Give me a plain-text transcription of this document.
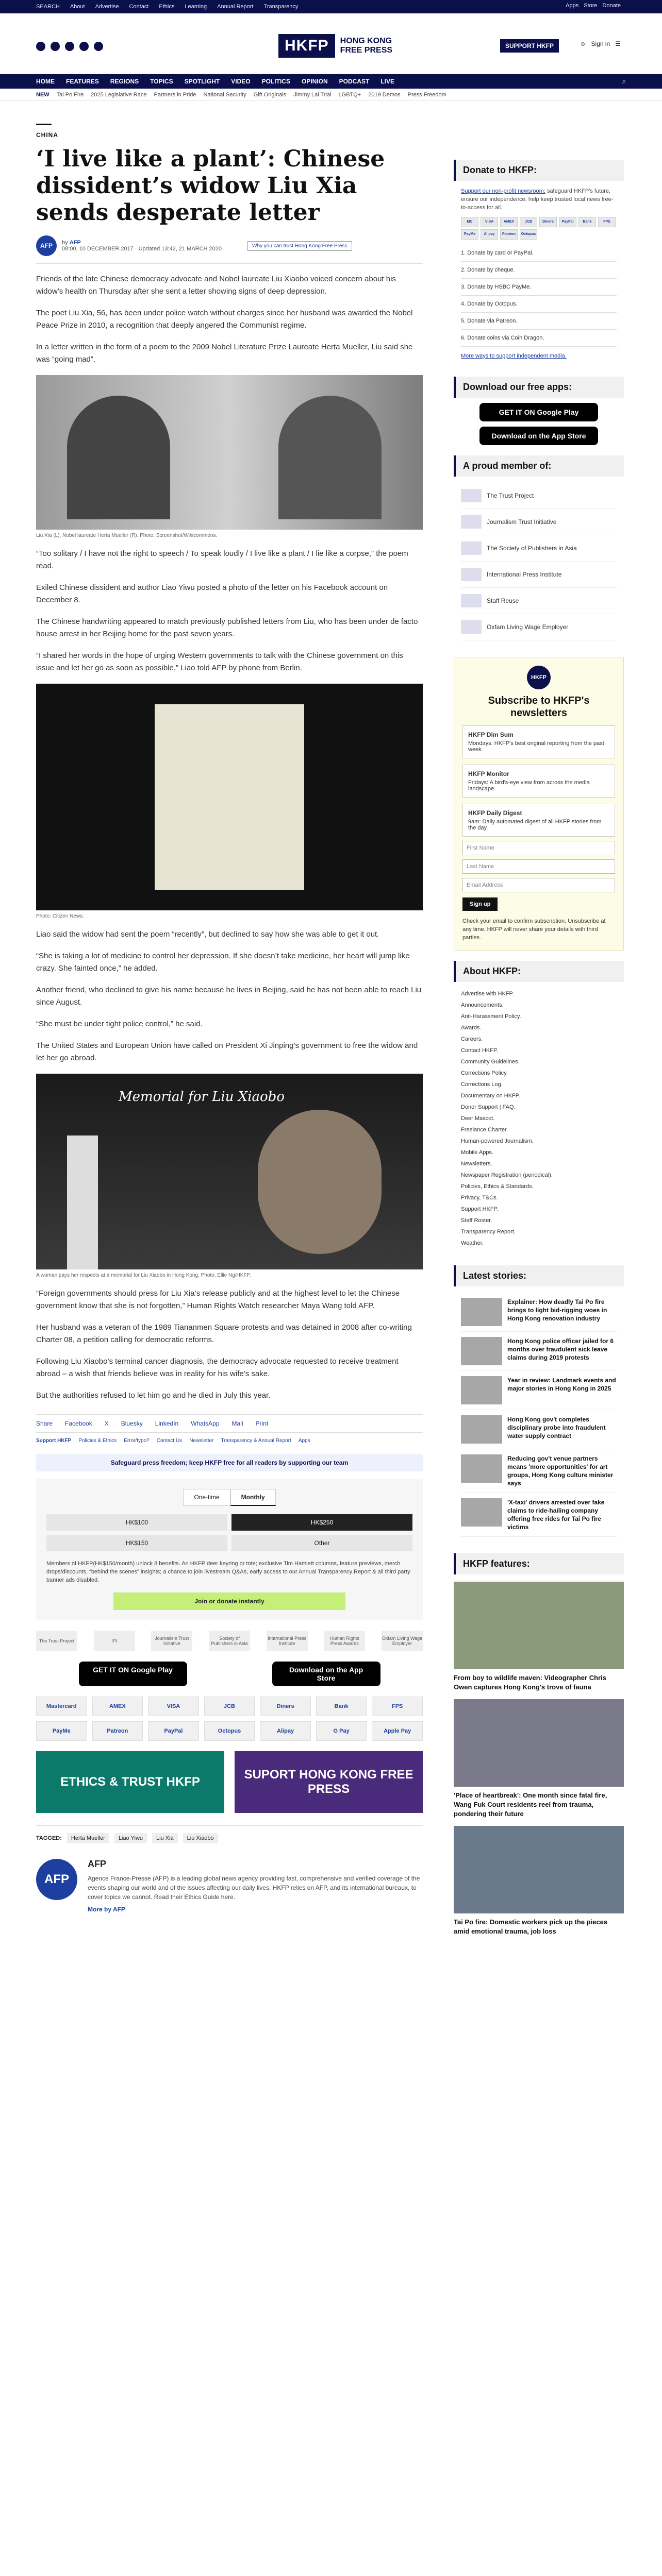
SEARCH About Advertise Contact Ethics Learning Annual Report Transparency	Apps Store Donate
HKFP	HONG KONG
FREE PRESS	SUPPORT HKFP	☺ Sign in ☰
HOME FEATURES REGIONS TOPICS SPOTLIGHT VIDEO POLITICS OPINION PODCAST LIVE	⌕
NEW Tai Po Fire 2025 Legislative Race Partners in Pride National Security Gift Originals Jimmy Lai Trial LGBTQ+ 2019 Demos Press Freedom
CHINA
‘I live like a plant’: Chinese dissident’s widow Liu Xia sends desperate letter
AFP	by AFP
08:00, 10 DECEMBER 2017 · Updated 13:42, 21 MARCH 2020	Why you can trust Hong Kong Free Press

Friends of the late Chinese democracy advocate and Nobel laureate Liu Xiaobo voiced concern about his widow’s health on Thursday after she sent a letter showing signs of deep depression.

The poet Liu Xia, 56, has been under police watch without charges since her husband was awarded the Nobel Peace Prize in 2010, a recognition that deeply angered the Communist regime.

In a letter written in the form of a poem to the 2009 Nobel Literature Prize Laureate Herta Mueller, Liu said she was “going mad”.

Liu Xia (L), Nobel laureate Herta Mueller (R). Photo: Screenshot/Wikicommons.

“Too solitary / I have not the right to speech / To speak loudly / I live like a plant / I lie like a corpse,” the poem read.

Exiled Chinese dissident and author Liao Yiwu posted a photo of the letter on his Facebook account on December 8.

The Chinese handwriting appeared to match previously published letters from Liu, who has been under de facto house arrest in her Beijing home for the past seven years.

“I shared her words in the hope of urging Western governments to talk with the Chinese government on this issue and let her go as soon as possible,” Liao told AFP by phone from Berlin.

Photo: Citizen News.

Liao said the widow had sent the poem “recently”, but declined to say how she was able to get it out.

“She is taking a lot of medicine to control her depression. If she doesn’t take medicine, her heart will jump like crazy. She fainted once,” he added.

Another friend, who declined to give his name because he lives in Beijing, said he has not been able to reach Liu since August.

“She must be under tight police control,” he said.

The United States and European Union have called on President Xi Jinping’s government to free the widow and let her go abroad.

Memorial for Liu Xiaobo
A woman pays her respects at a memorial for Liu Xiaobo in Hong Kong. Photo: Ellie Ng/HKFP.

“Foreign governments should press for Liu Xia’s release publicly and at the highest level to let the Chinese government know that she is not forgotten,” Human Rights Watch researcher Maya Wang told AFP.

Her husband was a veteran of the 1989 Tiananmen Square protests and was detained in 2008 after co-writing Charter 08, a petition calling for democratic reforms.

Following Liu Xiaobo’s terminal cancer diagnosis, the democracy advocate requested to receive treatment abroad – a wish that friends believe was in reality for his wife’s sake.

But the authorities refused to let him go and he died in July this year.

Share Facebook X Bluesky LinkedIn WhatsApp Mail Print
Support HKFP Policies & Ethics Error/typo? Contact Us Newsletter Transparency & Annual Report Apps
Safeguard press freedom; keep HKFP free for all readers by supporting our team
One-time	Monthly
HK$100	HK$250
HK$150	Other
Members of HKFP(HK$150/month) unlock 8 benefits. An HKFP deer keyring or tote; exclusive Tim Hamlett columns, feature previews, merch drops/discounts, “behind the scenes” insights; a chance to join livestream Q&As, early access to our Annual Transparency Report & all third party banner ads disabled.
Join or donate instantly
The Trust Project	IPI	Journalism Trust Initiative
Society of Publishers in Asia
International Press Institute
Human Rights Press Awards
Oxfam Living Wage Employer
GET IT ON Google Play	Download on the App Store
Mastercard	AMEX	VISA	JCB	Diners	Bank	FPS
PayMe	Patreon	PayPal	Octopus	Alipay	G Pay	Apple Pay
ETHICS & TRUST HKFP
SUPORT HONG KONG FREE PRESS
TAGGED:	Herta Mueller	Liao Yiwu	Liu Xia	Liu Xiaobo
AFP
AFP
Agence France-Presse (AFP) is a leading global news agency providing fast, comprehensive and verified coverage of the events shaping our world and of the issues affecting our daily lives. HKFP relies on AFP, and its international bureaux, to cover topics we cannot. Read their Ethics Guide here.
More by AFP
Donate to HKFP:
Support our non-profit newsroom; safeguard HKFP's future, ensure our independence, help keep trusted local news free-to-access for all.
MC	VISA	AMEX	JCB	Diners	PayPal	Bank	FPS
PayMe	Alipay	Patreon	Octopus
1. Donate by card or PayPal.
2. Donate by cheque.
3. Donate by HSBC PayMe.
4. Donate by Octopus.
5. Donate via Patreon.
6. Donate coins via Coin Dragon.
More ways to support independent media.
Download our free apps:
GET IT ON Google Play
Download on the App Store
A proud member of:
The Trust Project
Journalism Trust Initiative
The Society of Publishers in Asia
International Press Institute
Staff Reuse
Oxfam Living Wage Employer
HKFP
Subscribe to HKFP's newsletters
HKFP Dim Sum
Mondays: HKFP's best original reporting from the past week.
HKFP Monitor
Fridays: A bird's-eye view from across the media landscape.
HKFP Daily Digest
9am: Daily automated digest of all HKFP stories from the day.
First Name
Last Name
Email Address
Sign up
Check your email to confirm subscription. Unsubscribe at any time. HKFP will never share your details with third parties.
About HKFP:
Advertise with HKFP.
Announcements.
Anti-Harassment Policy.
Awards.
Careers.
Contact HKFP.
Community Guidelines.
Corrections Policy.
Corrections Log.
Documentary on HKFP.
Donor Support | FAQ.
Deer Mascot.
Freelance Charter.
Human-powered Journalism.
Mobile Apps.
Newsletters.
Newspaper Registration (periodical).
Policies, Ethics & Standards.
Privacy, T&Cs.
Support HKFP.
Staff Roster.
Transparency Report.
Weather.
Latest stories:
Explainer: How deadly Tai Po fire brings to light bid-rigging woes in Hong Kong renovation industry
Hong Kong police officer jailed for 6 months over fraudulent sick leave claims during 2019 protests
Year in review: Landmark events and major stories in Hong Kong in 2025
Hong Kong gov't completes disciplinary probe into fraudulent water supply contract
Reducing gov't venue partners means 'more opportunities' for art groups, Hong Kong culture minister says
'X-taxi' drivers arrested over fake claims to ride-hailing company offering free rides for Tai Po fire victims
HKFP features:
From boy to wildlife maven: Videographer Chris Owen captures Hong Kong's trove of fauna
'Place of heartbreak': One month since fatal fire, Wang Fuk Court residents reel from trauma, pondering their future
Tai Po fire: Domestic workers pick up the pieces amid emotional trauma, job loss
